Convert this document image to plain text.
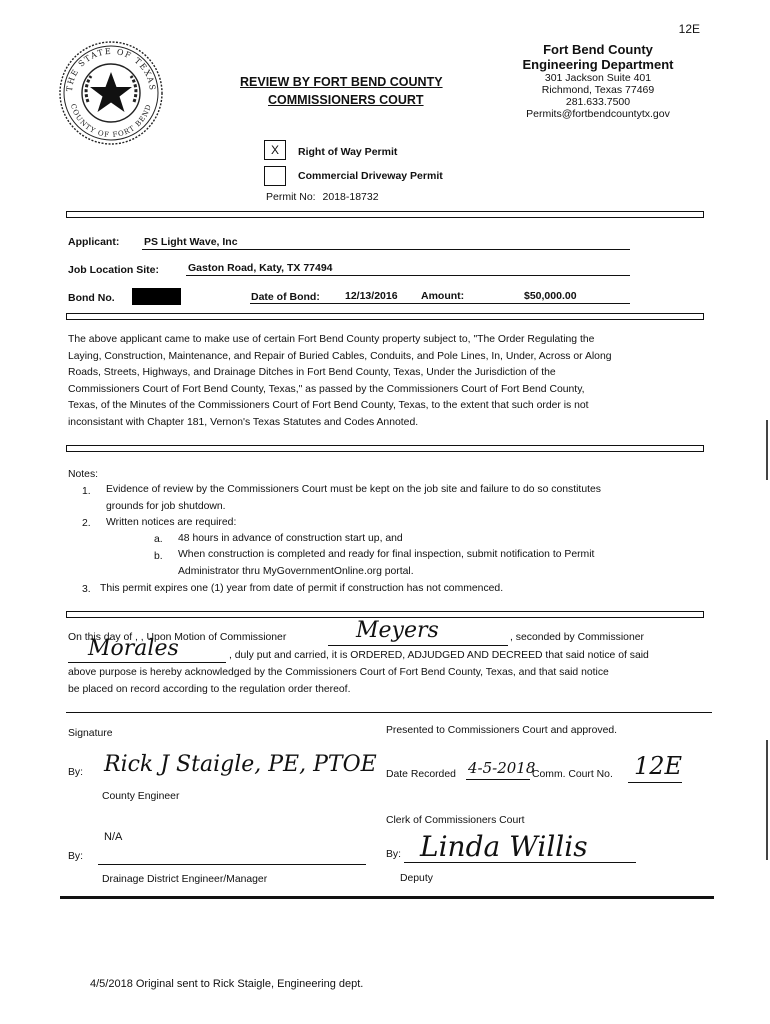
12E
THE STATE OF TEXAS
COUNTY OF FORT BEND
REVIEW BY FORT BEND COUNTY
COMMISSIONERS COURT
Fort Bend County
Engineering Department
301 Jackson Suite 401
Richmond, Texas 77469
281.633.7500
Permits@fortbendcountytx.gov
X	Right of Way Permit
Commercial Driveway Permit
Permit No: 2018-18732
Applicant: PS Light Wave, Inc
Job Location Site:	Gaston Road, Katy, TX 77494
Bond No.	Date of Bond: 12/13/2016 Amount:	$50,000.00
The above applicant came to make use of certain Fort Bend County property subject to, "The Order Regulating the
Laying, Construction, Maintenance, and Repair of Buried Cables, Conduits, and Pole Lines, In, Under, Across or Along
Roads, Streets, Highways, and Drainage Ditches in Fort Bend County, Texas, Under the Jurisdiction of the
Commissioners Court of Fort Bend County, Texas," as passed by the Commissioners Court of Fort Bend County,
Texas, of the Minutes of the Commissioners Court of Fort Bend County, Texas, to the extent that such order is not
inconsistant with Chapter 181, Vernon's Texas Statutes and Codes Annoted.
Notes:
1. Evidence of review by the Commissioners Court must be kept on the job site and failure to do so constitutes
grounds for job shutdown.
2. Written notices are required:
a. 48 hours in advance of construction start up, and
b. When construction is completed and ready for final inspection, submit notification to Permit
Administrator thru MyGovernmentOnline.org portal.
3. This permit expires one (1) year from date of permit if construction has not commenced.
On this day of , , Upon Motion of Commissioner	Meyers	, seconded by Commissioner
Morales	, duly put and carried, it is ORDERED, ADJUDGED AND DECREED that said notice of said
above purpose is hereby acknowledged by the Commissioners Court of Fort Bend County, Texas, and that said notice
be placed on record according to the regulation order thereof.
Signature
By: Rick J Staigle, PE, PTOE
County Engineer
N/A
By:
Drainage District Engineer/Manager
Presented to Commissioners Court and approved.
Date Recorded 4-5-2018
Comm. Court No. 12E
Clerk of Commissioners Court
By: Linda Willis
Deputy
4/5/2018 Original sent to Rick Staigle, Engineering dept.
